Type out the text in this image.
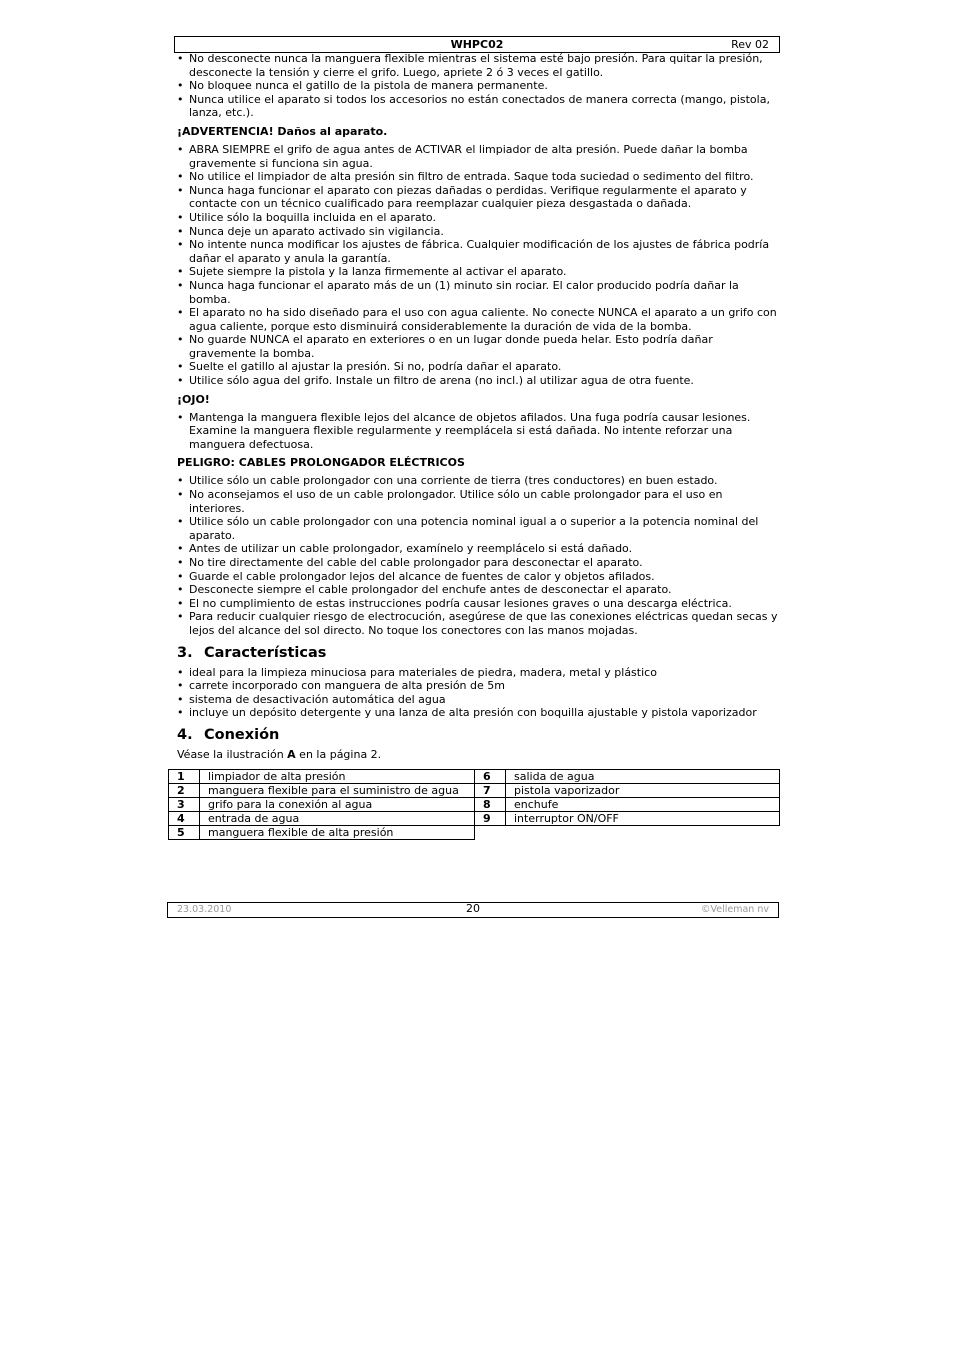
WHPC02	Rev 02
• No desconecte nunca la manguera flexible mientras el sistema esté bajo presión. Para quitar la presión, desconecte la tensión y cierre el grifo. Luego, apriete 2 ó 3 veces el gatillo.
• No bloquee nunca el gatillo de la pistola de manera permanente.
• Nunca utilice el aparato si todos los accesorios no están conectados de manera correcta (mango, pistola, lanza, etc.).
¡ADVERTENCIA! Daños al aparato.
• ABRA SIEMPRE el grifo de agua antes de ACTIVAR el limpiador de alta presión. Puede dañar la bomba gravemente si funciona sin agua.
• No utilice el limpiador de alta presión sin filtro de entrada. Saque toda suciedad o sedimento del filtro.
• Nunca haga funcionar el aparato con piezas dañadas o perdidas. Verifique regularmente el aparato y contacte con un técnico cualificado para reemplazar cualquier pieza desgastada o dañada.
• Utilice sólo la boquilla incluida en el aparato.
• Nunca deje un aparato activado sin vigilancia.
• No intente nunca modificar los ajustes de fábrica. Cualquier modificación de los ajustes de fábrica podría dañar el aparato y anula la garantía.
• Sujete siempre la pistola y la lanza firmemente al activar el aparato.
• Nunca haga funcionar el aparato más de un (1) minuto sin rociar. El calor producido podría dañar la bomba.
• El aparato no ha sido diseñado para el uso con agua caliente. No conecte NUNCA el aparato a un grifo con agua caliente, porque esto disminuirá considerablemente la duración de vida de la bomba.
• No guarde NUNCA el aparato en exteriores o en un lugar donde pueda helar. Esto podría dañar gravemente la bomba.
• Suelte el gatillo al ajustar la presión. Si no, podría dañar el aparato.
• Utilice sólo agua del grifo. Instale un filtro de arena (no incl.) al utilizar agua de otra fuente.
¡OJO!
• Mantenga la manguera flexible lejos del alcance de objetos afilados. Una fuga podría causar lesiones. Examine la manguera flexible regularmente y reemplácela si está dañada. No intente reforzar una manguera defectuosa.
PELIGRO: CABLES PROLONGADOR ELÉCTRICOS
• Utilice sólo un cable prolongador con una corriente de tierra (tres conductores) en buen estado.
• No aconsejamos el uso de un cable prolongador. Utilice sólo un cable prolongador para el uso en interiores.
• Utilice sólo un cable prolongador con una potencia nominal igual a o superior a la potencia nominal del aparato.
• Antes de utilizar un cable prolongador, examínelo y reemplácelo si está dañado.
• No tire directamente del cable del cable prolongador para desconectar el aparato.
• Guarde el cable prolongador lejos del alcance de fuentes de calor y objetos afilados.
• Desconecte siempre el cable prolongador del enchufe antes de desconectar el aparato.
• El no cumplimiento de estas instrucciones podría causar lesiones graves o una descarga eléctrica.
• Para reducir cualquier riesgo de electrocución, asegúrese de que las conexiones eléctricas quedan secas y lejos del alcance del sol directo. No toque los conectores con las manos mojadas.
3. Características
• ideal para la limpieza minuciosa para materiales de piedra, madera, metal y plástico
• carrete incorporado con manguera de alta presión de 5m
• sistema de desactivación automática del agua
• incluye un depósito detergente y una lanza de alta presión con boquilla ajustable y pistola vaporizador
4. Conexión

Véase la ilustración A en la página 2.

1	limpiador de alta presión	6	salida de agua
2	manguera flexible para el suministro de agua	7	pistola vaporizador
3	grifo para la conexión al agua	8	enchufe
4	entrada de agua	9	interruptor ON/OFF
5	manguera flexible de alta presión		
23.03.2010	20	©Velleman nv
